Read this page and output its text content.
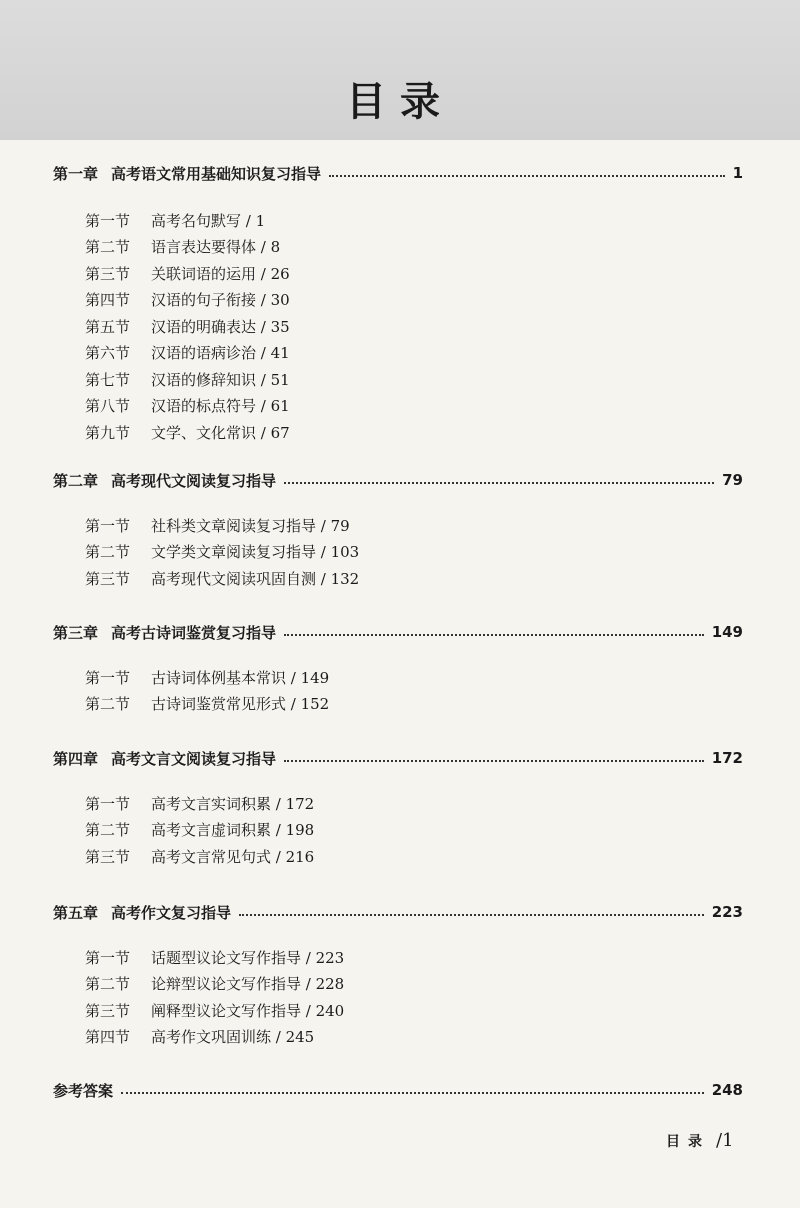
目录
第一章 高考语文常用基础知识复习指导	1
第一节	高考名句默写 / 1
第二节	语言表达要得体 / 8
第三节	关联词语的运用 / 26
第四节	汉语的句子衔接 / 30
第五节	汉语的明确表达 / 35
第六节	汉语的语病诊治 / 41
第七节	汉语的修辞知识 / 51
第八节	汉语的标点符号 / 61
第九节	文学、文化常识 / 67
第二章 高考现代文阅读复习指导	79
第一节	社科类文章阅读复习指导 / 79
第二节	文学类文章阅读复习指导 / 103
第三节	高考现代文阅读巩固自测 / 132
第三章 高考古诗词鉴赏复习指导	149
第一节	古诗词体例基本常识 / 149
第二节	古诗词鉴赏常见形式 / 152
第四章 高考文言文阅读复习指导	172
第一节	高考文言实词积累 / 172
第二节	高考文言虚词积累 / 198
第三节	高考文言常见句式 / 216
第五章 高考作文复习指导	223
第一节	话题型议论文写作指导 / 223
第二节	论辩型议论文写作指导 / 228
第三节	阐释型议论文写作指导 / 240
第四节	高考作文巩固训练 / 245
参考答案	248
目录 /1
